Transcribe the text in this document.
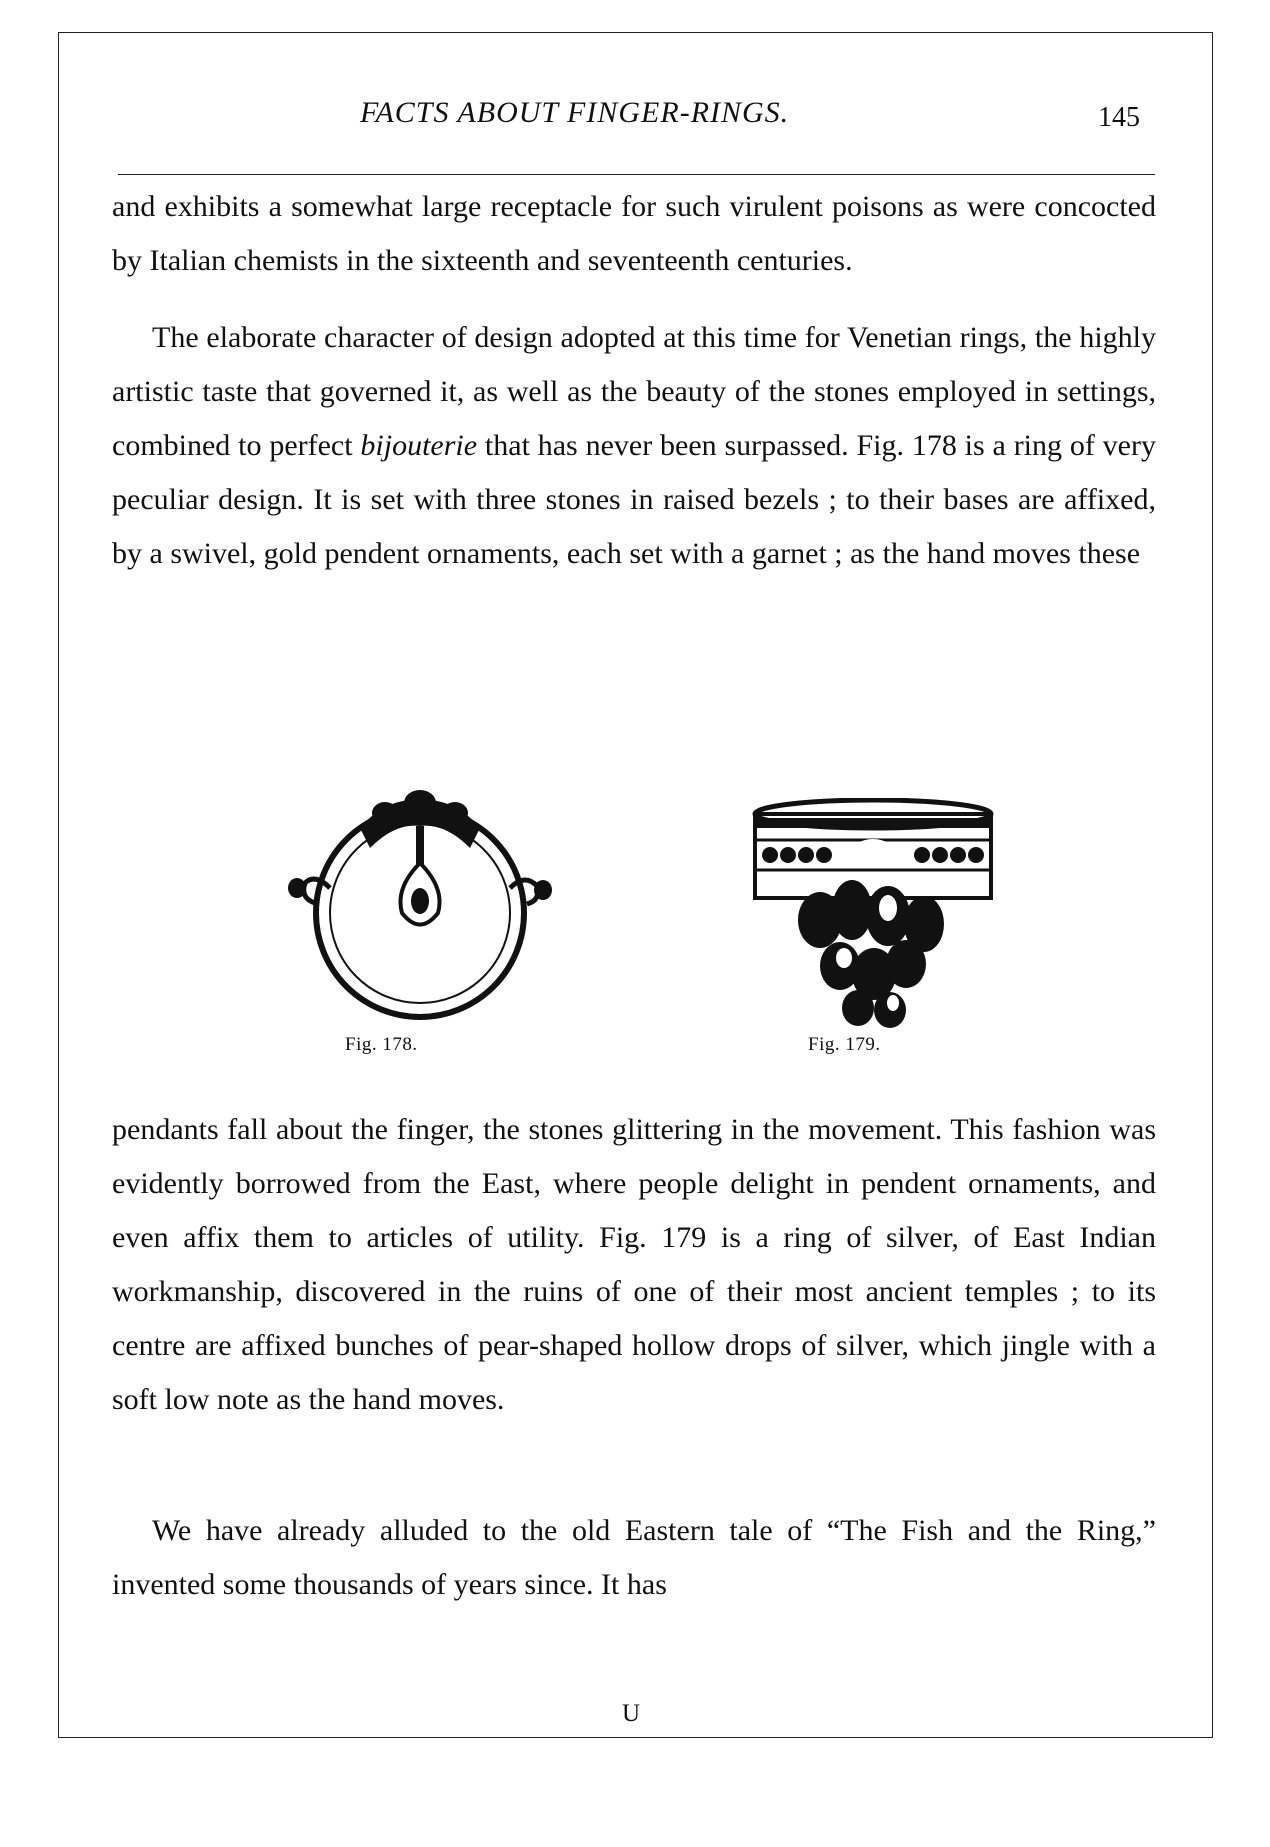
FACTS ABOUT FINGER-RINGS.	145

and exhibits a somewhat large receptacle for such virulent poisons as were concocted by Italian chemists in the sixteenth and seventeenth centuries.

The elaborate character of design adopted at this time for Venetian rings, the highly artistic taste that governed it, as well as the beauty of the stones employed in settings, combined to perfect bijouterie that has never been surpassed. Fig. 178 is a ring of very peculiar design. It is set with three stones in raised bezels ; to their bases are affixed, by a swivel, gold pendent ornaments, each set with a garnet ; as the hand moves these

Fig. 178.	Fig. 179.

pendants fall about the finger, the stones glittering in the movement. This fashion was evidently borrowed from the East, where people delight in pendent ornaments, and even affix them to articles of utility. Fig. 179 is a ring of silver, of East Indian workmanship, discovered in the ruins of one of their most ancient temples ; to its centre are affixed bunches of pear-shaped hollow drops of silver, which jingle with a soft low note as the hand moves.

We have already alluded to the old Eastern tale of “The Fish and the Ring,” invented some thousands of years since. It has

U
